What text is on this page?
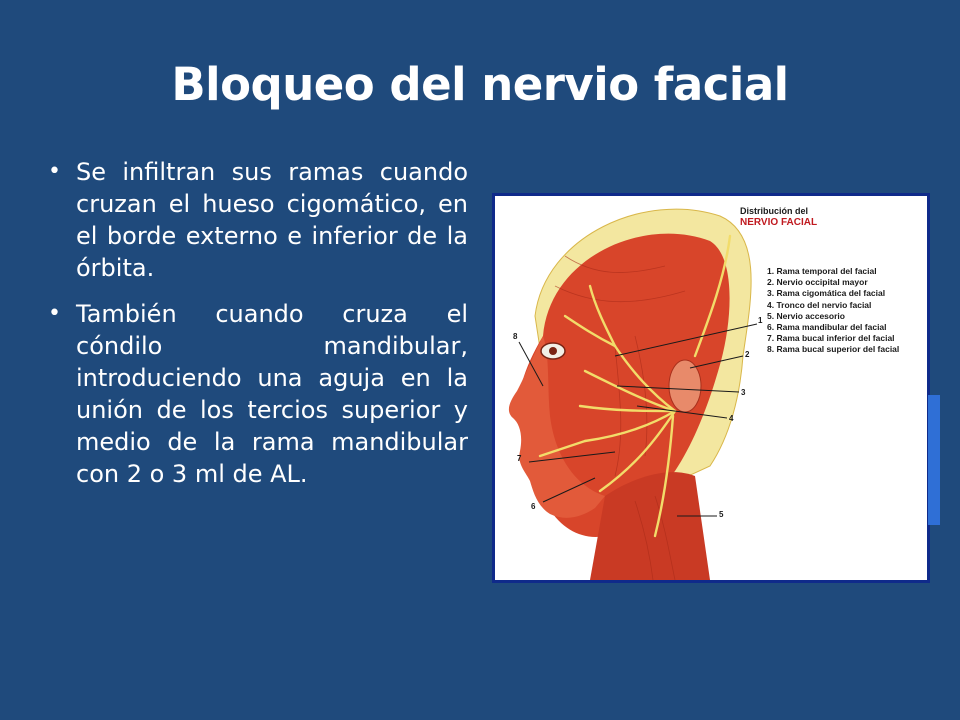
Bloqueo del nervio facial
• Se infiltran sus ramas cuando cruzan el hueso cigomático, en el borde externo e inferior de la órbita.
• También cuando cruza el cóndilo mandibular, introduciendo una aguja en la unión de los tercios superior y medio de la rama mandibular con 2 o 3 ml de AL.
Distribución del
NERVIO FACIAL
1. Rama temporal del facial
2. Nervio occipital mayor
3. Rama cigomática del facial
4. Tronco del nervio facial
5. Nervio accesorio
6. Rama mandibular del facial
7. Rama bucal inferior del facial
8. Rama bucal superior del facial
1
2
3
4
5
6
7
8
